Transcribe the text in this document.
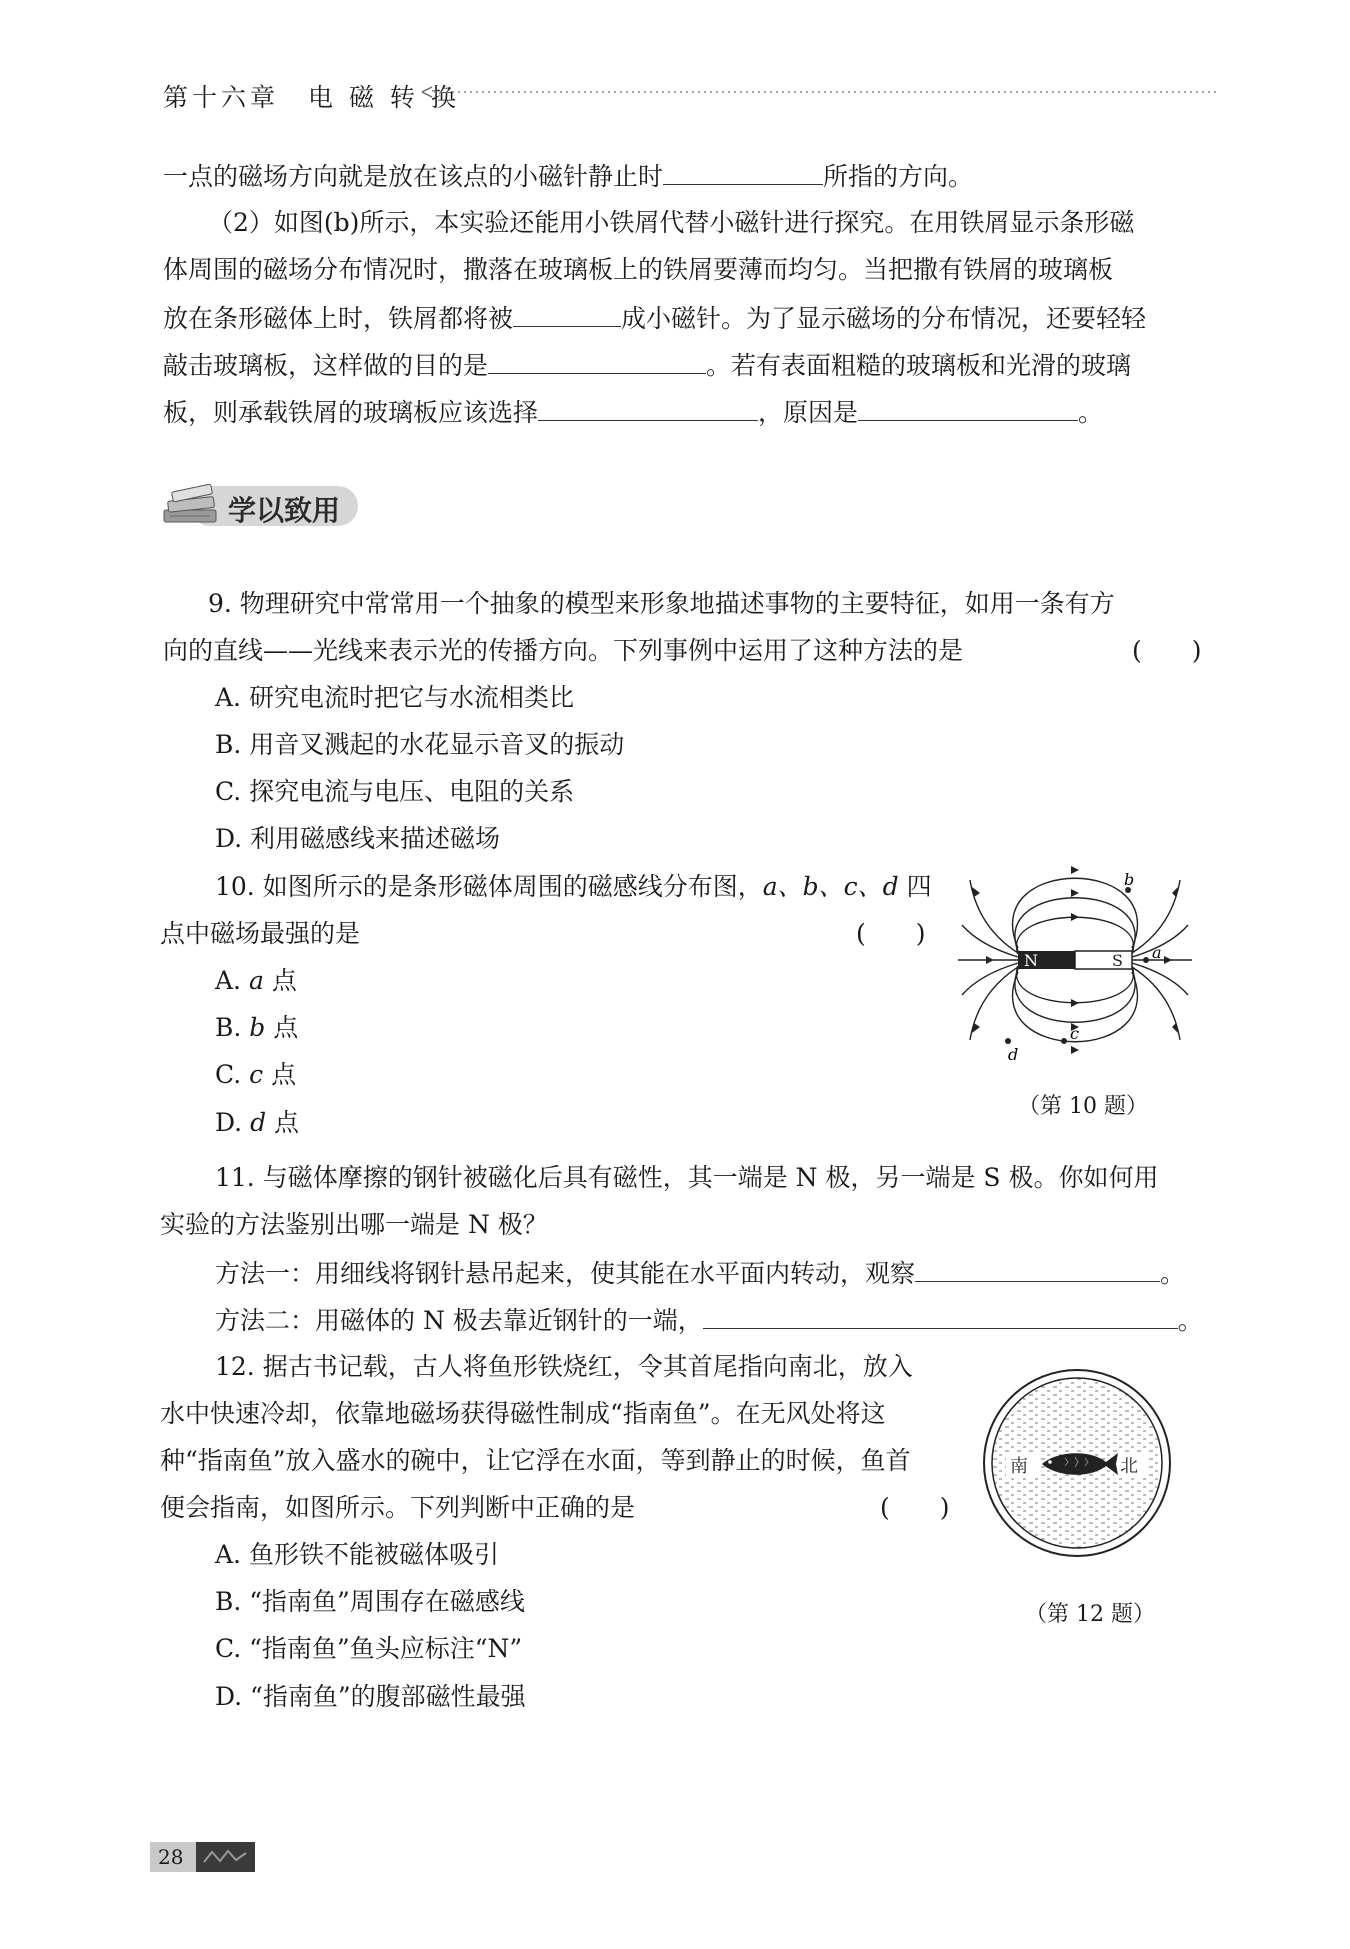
第十六章　电 磁 转 换
一点的磁场方向就是放在该点的小磁针静止时	所指的方向。
（2）如图(b)所示，本实验还能用小铁屑代替小磁针进行探究。在用铁屑显示条形磁
体周围的磁场分布情况时，撒落在玻璃板上的铁屑要薄而均匀。当把撒有铁屑的玻璃板
放在条形磁体上时，铁屑都将被	成小磁针。为了显示磁场的分布情况，还要轻轻
敲击玻璃板，这样做的目的是	。若有表面粗糙的玻璃板和光滑的玻璃
板，则承载铁屑的玻璃板应该选择	，原因是	。
学以致用
9. 物理研究中常常用一个抽象的模型来形象地描述事物的主要特征，如用一条有方
向的直线——光线来表示光的传播方向。下列事例中运用了这种方法的是	(　　)
A. 研究电流时把它与水流相类比
B. 用音叉溅起的水花显示音叉的振动
C. 探究电流与电压、电阻的关系
D. 利用磁感线来描述磁场
10. 如图所示的是条形磁体周围的磁感线分布图，a、b、c、d 四
点中磁场最强的是	(　　)
A. a 点
B. b 点
C. c 点
D. d 点
N	S a
b
c
d
（第 10 题）
11. 与磁体摩擦的钢针被磁化后具有磁性，其一端是 N 极，另一端是 S 极。你如何用
实验的方法鉴别出哪一端是 N 极？
方法一：用细线将钢针悬吊起来，使其能在水平面内转动，观察	。
方法二：用磁体的 N 极去靠近钢针的一端，	。
12. 据古书记载，古人将鱼形铁烧红，令其首尾指向南北，放入
水中快速冷却，依靠地磁场获得磁性制成“指南鱼”。在无风处将这
种“指南鱼”放入盛水的碗中，让它浮在水面，等到静止的时候，鱼首
便会指南，如图所示。下列判断中正确的是	(　　)
A. 鱼形铁不能被磁体吸引
B. “指南鱼”周围存在磁感线
C. “指南鱼”鱼头应标注“N”
D. “指南鱼”的腹部磁性最强
南	北
（第 12 题）
28
